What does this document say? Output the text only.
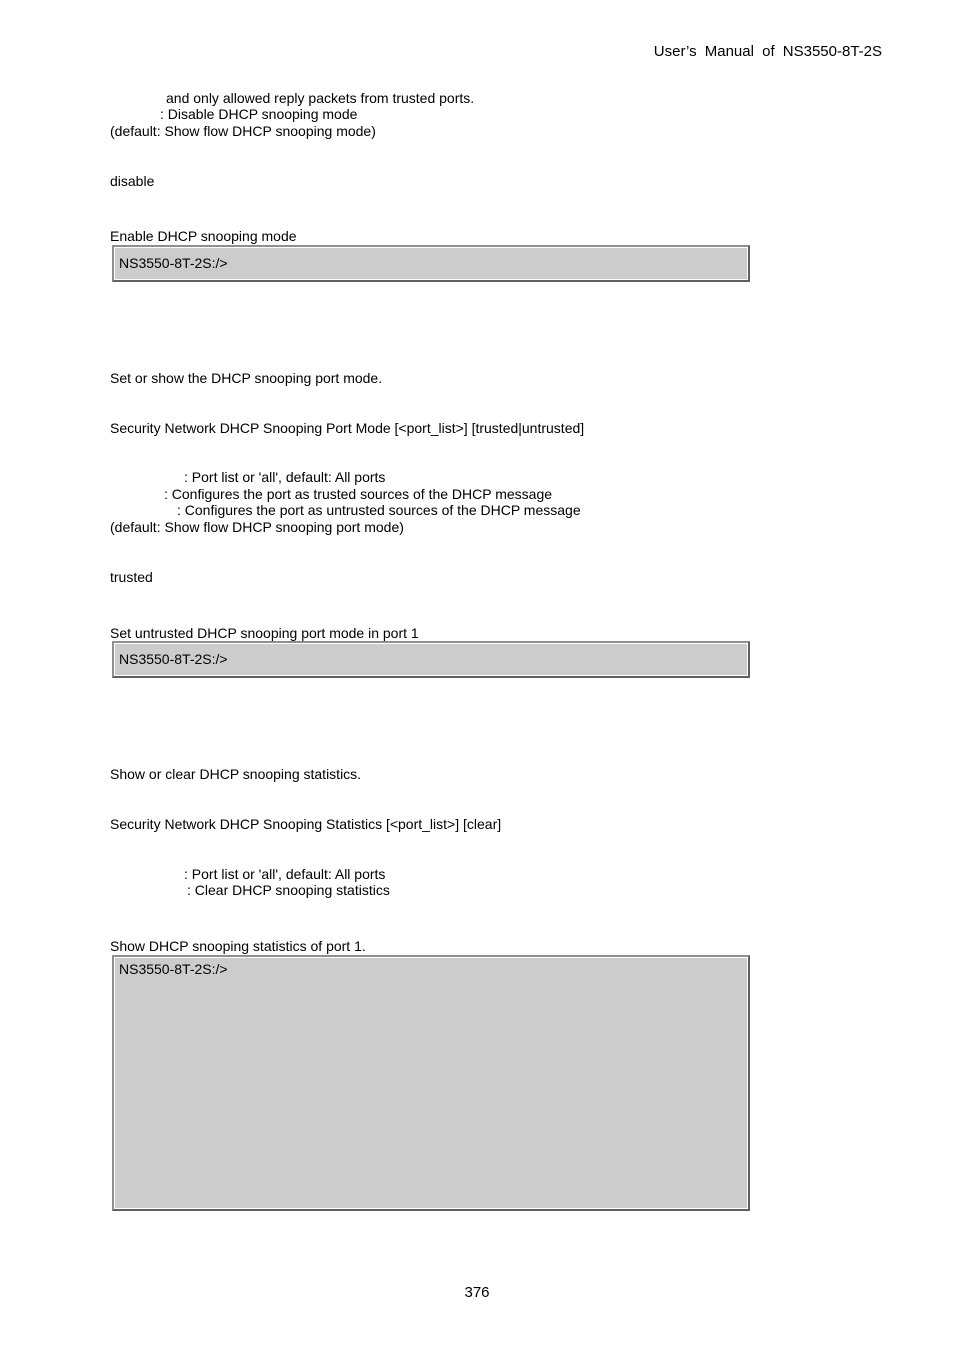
User’s Manual of NS3550-8T-2S
and only allowed reply packets from trusted ports.
: Disable DHCP snooping mode
(default: Show flow DHCP snooping mode)
disable
Enable DHCP snooping mode
NS3550-8T-2S:/>
Set or show the DHCP snooping port mode.
Security Network DHCP Snooping Port Mode [<port_list>] [trusted|untrusted]
: Port list or 'all', default: All ports
: Configures the port as trusted sources of the DHCP message
: Configures the port as untrusted sources of the DHCP message
(default: Show flow DHCP snooping port mode)
trusted
Set untrusted DHCP snooping port mode in port 1
NS3550-8T-2S:/>
Show or clear DHCP snooping statistics.
Security Network DHCP Snooping Statistics [<port_list>] [clear]
: Port list or 'all', default: All ports
: Clear DHCP snooping statistics
Show DHCP snooping statistics of port 1.
NS3550-8T-2S:/>
376
